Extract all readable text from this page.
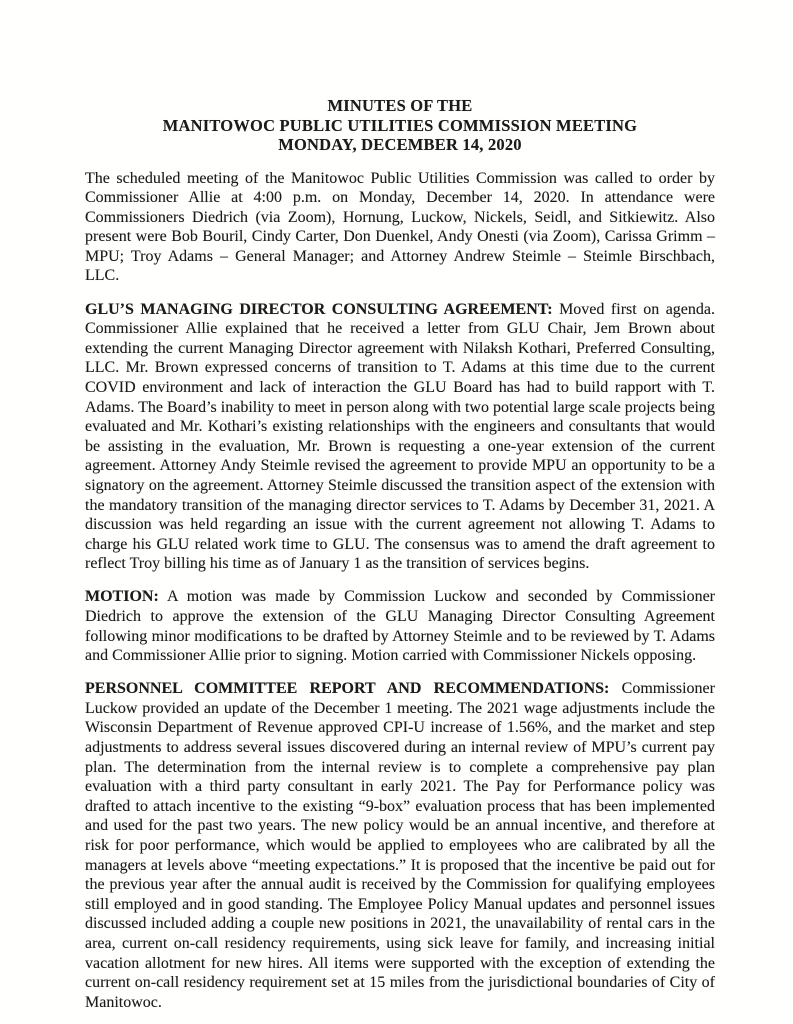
MINUTES OF THE
MANITOWOC PUBLIC UTILITIES COMMISSION MEETING
MONDAY, DECEMBER 14, 2020

The scheduled meeting of the Manitowoc Public Utilities Commission was called to order by Commissioner Allie at 4:00 p.m. on Monday, December 14, 2020. In attendance were Commissioners Diedrich (via Zoom), Hornung, Luckow, Nickels, Seidl, and Sitkiewitz. Also present were Bob Bouril, Cindy Carter, Don Duenkel, Andy Onesti (via Zoom), Carissa Grimm – MPU; Troy Adams – General Manager; and Attorney Andrew Steimle – Steimle Birschbach, LLC.

GLU’S MANAGING DIRECTOR CONSULTING AGREEMENT: Moved first on agenda. Commissioner Allie explained that he received a letter from GLU Chair, Jem Brown about extending the current Managing Director agreement with Nilaksh Kothari, Preferred Consulting, LLC. Mr. Brown expressed concerns of transition to T. Adams at this time due to the current COVID environment and lack of interaction the GLU Board has had to build rapport with T. Adams. The Board’s inability to meet in person along with two potential large scale projects being evaluated and Mr. Kothari’s existing relationships with the engineers and consultants that would be assisting in the evaluation, Mr. Brown is requesting a one-year extension of the current agreement. Attorney Andy Steimle revised the agreement to provide MPU an opportunity to be a signatory on the agreement. Attorney Steimle discussed the transition aspect of the extension with the mandatory transition of the managing director services to T. Adams by December 31, 2021. A discussion was held regarding an issue with the current agreement not allowing T. Adams to charge his GLU related work time to GLU. The consensus was to amend the draft agreement to reflect Troy billing his time as of January 1 as the transition of services begins.

MOTION: A motion was made by Commission Luckow and seconded by Commissioner Diedrich to approve the extension of the GLU Managing Director Consulting Agreement following minor modifications to be drafted by Attorney Steimle and to be reviewed by T. Adams and Commissioner Allie prior to signing. Motion carried with Commissioner Nickels opposing.

PERSONNEL COMMITTEE REPORT AND RECOMMENDATIONS: Commissioner Luckow provided an update of the December 1 meeting. The 2021 wage adjustments include the Wisconsin Department of Revenue approved CPI-U increase of 1.56%, and the market and step adjustments to address several issues discovered during an internal review of MPU’s current pay plan. The determination from the internal review is to complete a comprehensive pay plan evaluation with a third party consultant in early 2021. The Pay for Performance policy was drafted to attach incentive to the existing “9-box” evaluation process that has been implemented and used for the past two years. The new policy would be an annual incentive, and therefore at risk for poor performance, which would be applied to employees who are calibrated by all the managers at levels above “meeting expectations.” It is proposed that the incentive be paid out for the previous year after the annual audit is received by the Commission for qualifying employees still employed and in good standing. The Employee Policy Manual updates and personnel issues discussed included adding a couple new positions in 2021, the unavailability of rental cars in the area, current on-call residency requirements, using sick leave for family, and increasing initial vacation allotment for new hires. All items were supported with the exception of extending the current on-call residency requirement set at 15 miles from the jurisdictional boundaries of City of Manitowoc.
